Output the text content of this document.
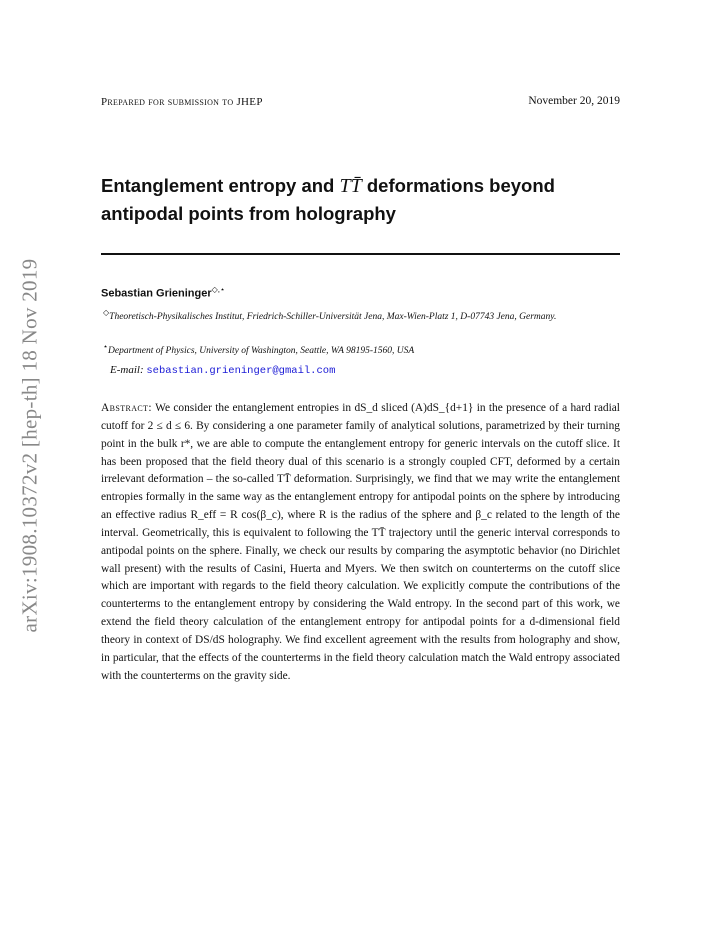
arXiv:1908.10372v2 [hep-th] 18 Nov 2019
Prepared for submission to JHEP	November 20, 2019
Entanglement entropy and TT̄ deformations beyond antipodal points from holography
Sebastian Grieninger◇,⋆
◇Theoretisch-Physikalisches Institut, Friedrich-Schiller-Universität Jena, Max-Wien-Platz 1, D-07743 Jena, Germany.
⋆Department of Physics, University of Washington, Seattle, WA 98195-1560, USA
E-mail: sebastian.grieninger@gmail.com
Abstract: We consider the entanglement entropies in dS_d sliced (A)dS_{d+1} in the presence of a hard radial cutoff for 2 ≤ d ≤ 6. By considering a one parameter family of analytical solutions, parametrized by their turning point in the bulk r*, we are able to compute the entanglement entropy for generic intervals on the cutoff slice. It has been proposed that the field theory dual of this scenario is a strongly coupled CFT, deformed by a certain irrelevant deformation – the so-called TT̄ deformation. Surprisingly, we find that we may write the entanglement entropies formally in the same way as the entanglement entropy for antipodal points on the sphere by introducing an effective radius R_eff = R cos(β_c), where R is the radius of the sphere and β_c related to the length of the interval. Geometrically, this is equivalent to following the TT̄ trajectory until the generic interval corresponds to antipodal points on the sphere. Finally, we check our results by comparing the asymptotic behavior (no Dirichlet wall present) with the results of Casini, Huerta and Myers. We then switch on counterterms on the cutoff slice which are important with regards to the field theory calculation. We explicitly compute the contributions of the counterterms to the entanglement entropy by considering the Wald entropy. In the second part of this work, we extend the field theory calculation of the entanglement entropy for antipodal points for a d-dimensional field theory in context of DS/dS holography. We find excellent agreement with the results from holography and show, in particular, that the effects of the counterterms in the field theory calculation match the Wald entropy associated with the counterterms on the gravity side.
